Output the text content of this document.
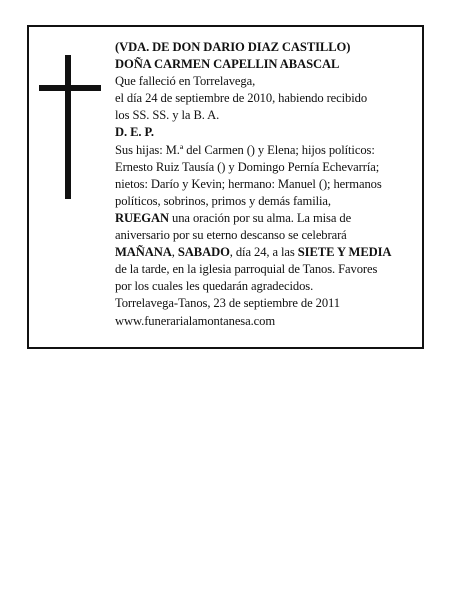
(VDA. DE DON DARIO DIAZ CASTILLO)
DOÑA CARMEN CAPELLIN ABASCAL
Que falleció en Torrelavega,
el día 24 de septiembre de 2010, habiendo recibido
los SS. SS. y la B. A.
D. E. P.
Sus hijas: M.ª del Carmen () y Elena; hijos políticos:
Ernesto Ruiz Tausía () y Domingo Pernía Echevarría;
nietos: Darío y Kevin; hermano: Manuel (); hermanos
políticos, sobrinos, primos y demás familia,
RUEGAN una oración por su alma. La misa de
aniversario por su eterno descanso se celebrará
MAÑANA, SABADO, día 24, a las SIETE Y MEDIA
de la tarde, en la iglesia parroquial de Tanos. Favores
por los cuales les quedarán agradecidos.
Torrelavega-Tanos, 23 de septiembre de 2011
www.funerarialamontanesa.com
